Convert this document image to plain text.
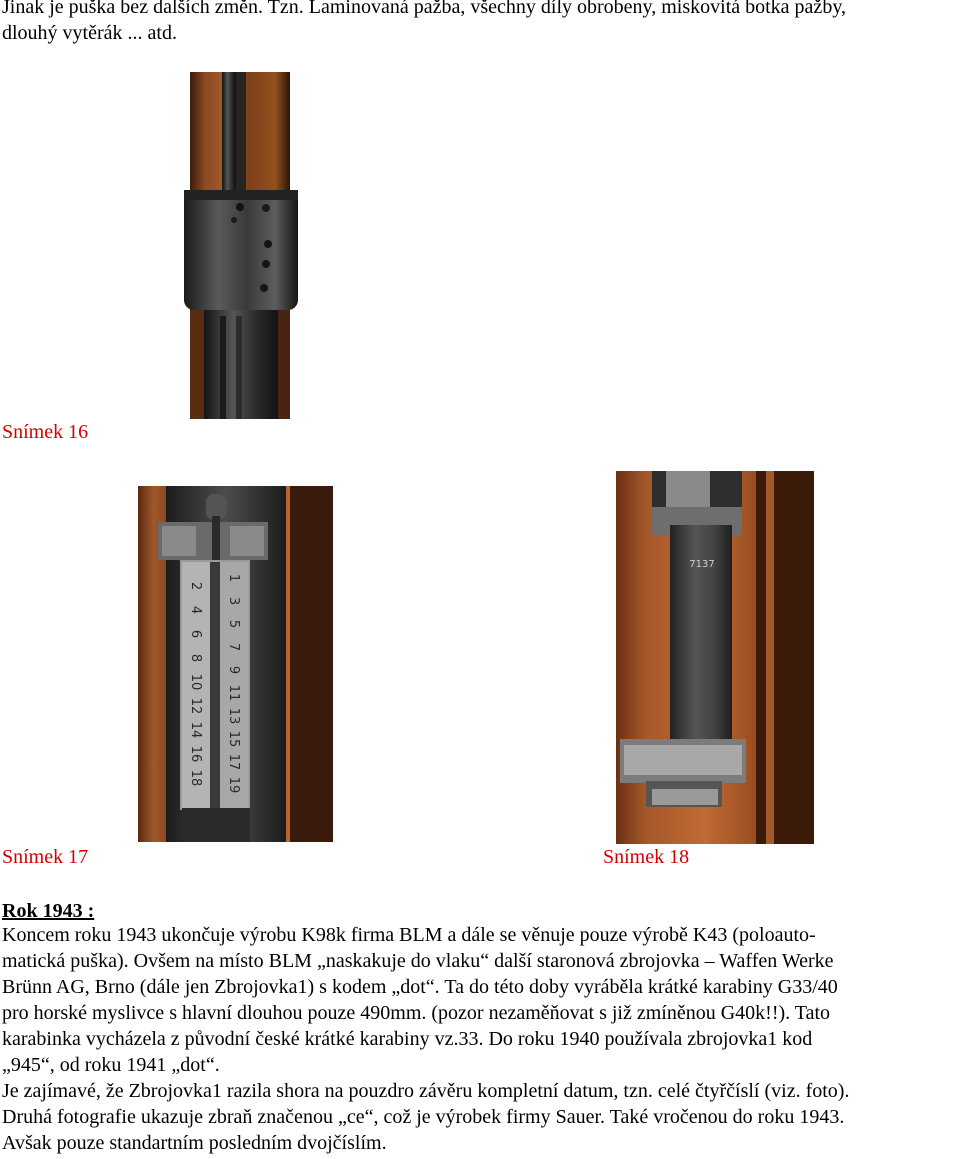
Jinak je puška bez dalších změn. Tzn. Laminovaná pažba, všechny díly obrobeny, miskovitá botka pažby,
dlouhý vytěrák ... atd.
Snímek 16
2
4
6
8
10
12
14
16
18
1
3
5
7
9
11
13
15
17
19
7137
Snímek 17	Snímek 18
Rok 1943 :
Koncem roku 1943 ukončuje výrobu K98k firma BLM a dále se věnuje pouze výrobě K43 (poloauto-
matická puška). Ovšem na místo BLM „naskakuje do vlaku“ další staronová zbrojovka – Waffen Werke
Brünn AG, Brno (dále jen Zbrojovka1) s kodem „dot“. Ta do této doby vyráběla krátké karabiny G33/40
pro horské myslivce s hlavní dlouhou pouze 490mm. (pozor nezaměňovat s již zmíněnou G40k!!). Tato
karabinka vycházela z původní české krátké karabiny vz.33. Do roku 1940 používala zbrojovka1 kod
„945“, od roku 1941 „dot“.
Je zajímavé, že Zbrojovka1 razila shora na pouzdro závěru kompletní datum, tzn. celé čtyřčíslí (viz. foto).
Druhá fotografie ukazuje zbraň značenou „ce“, což je výrobek firmy Sauer. Také vročenou do roku 1943.
Avšak pouze standartním posledním dvojčíslím.
